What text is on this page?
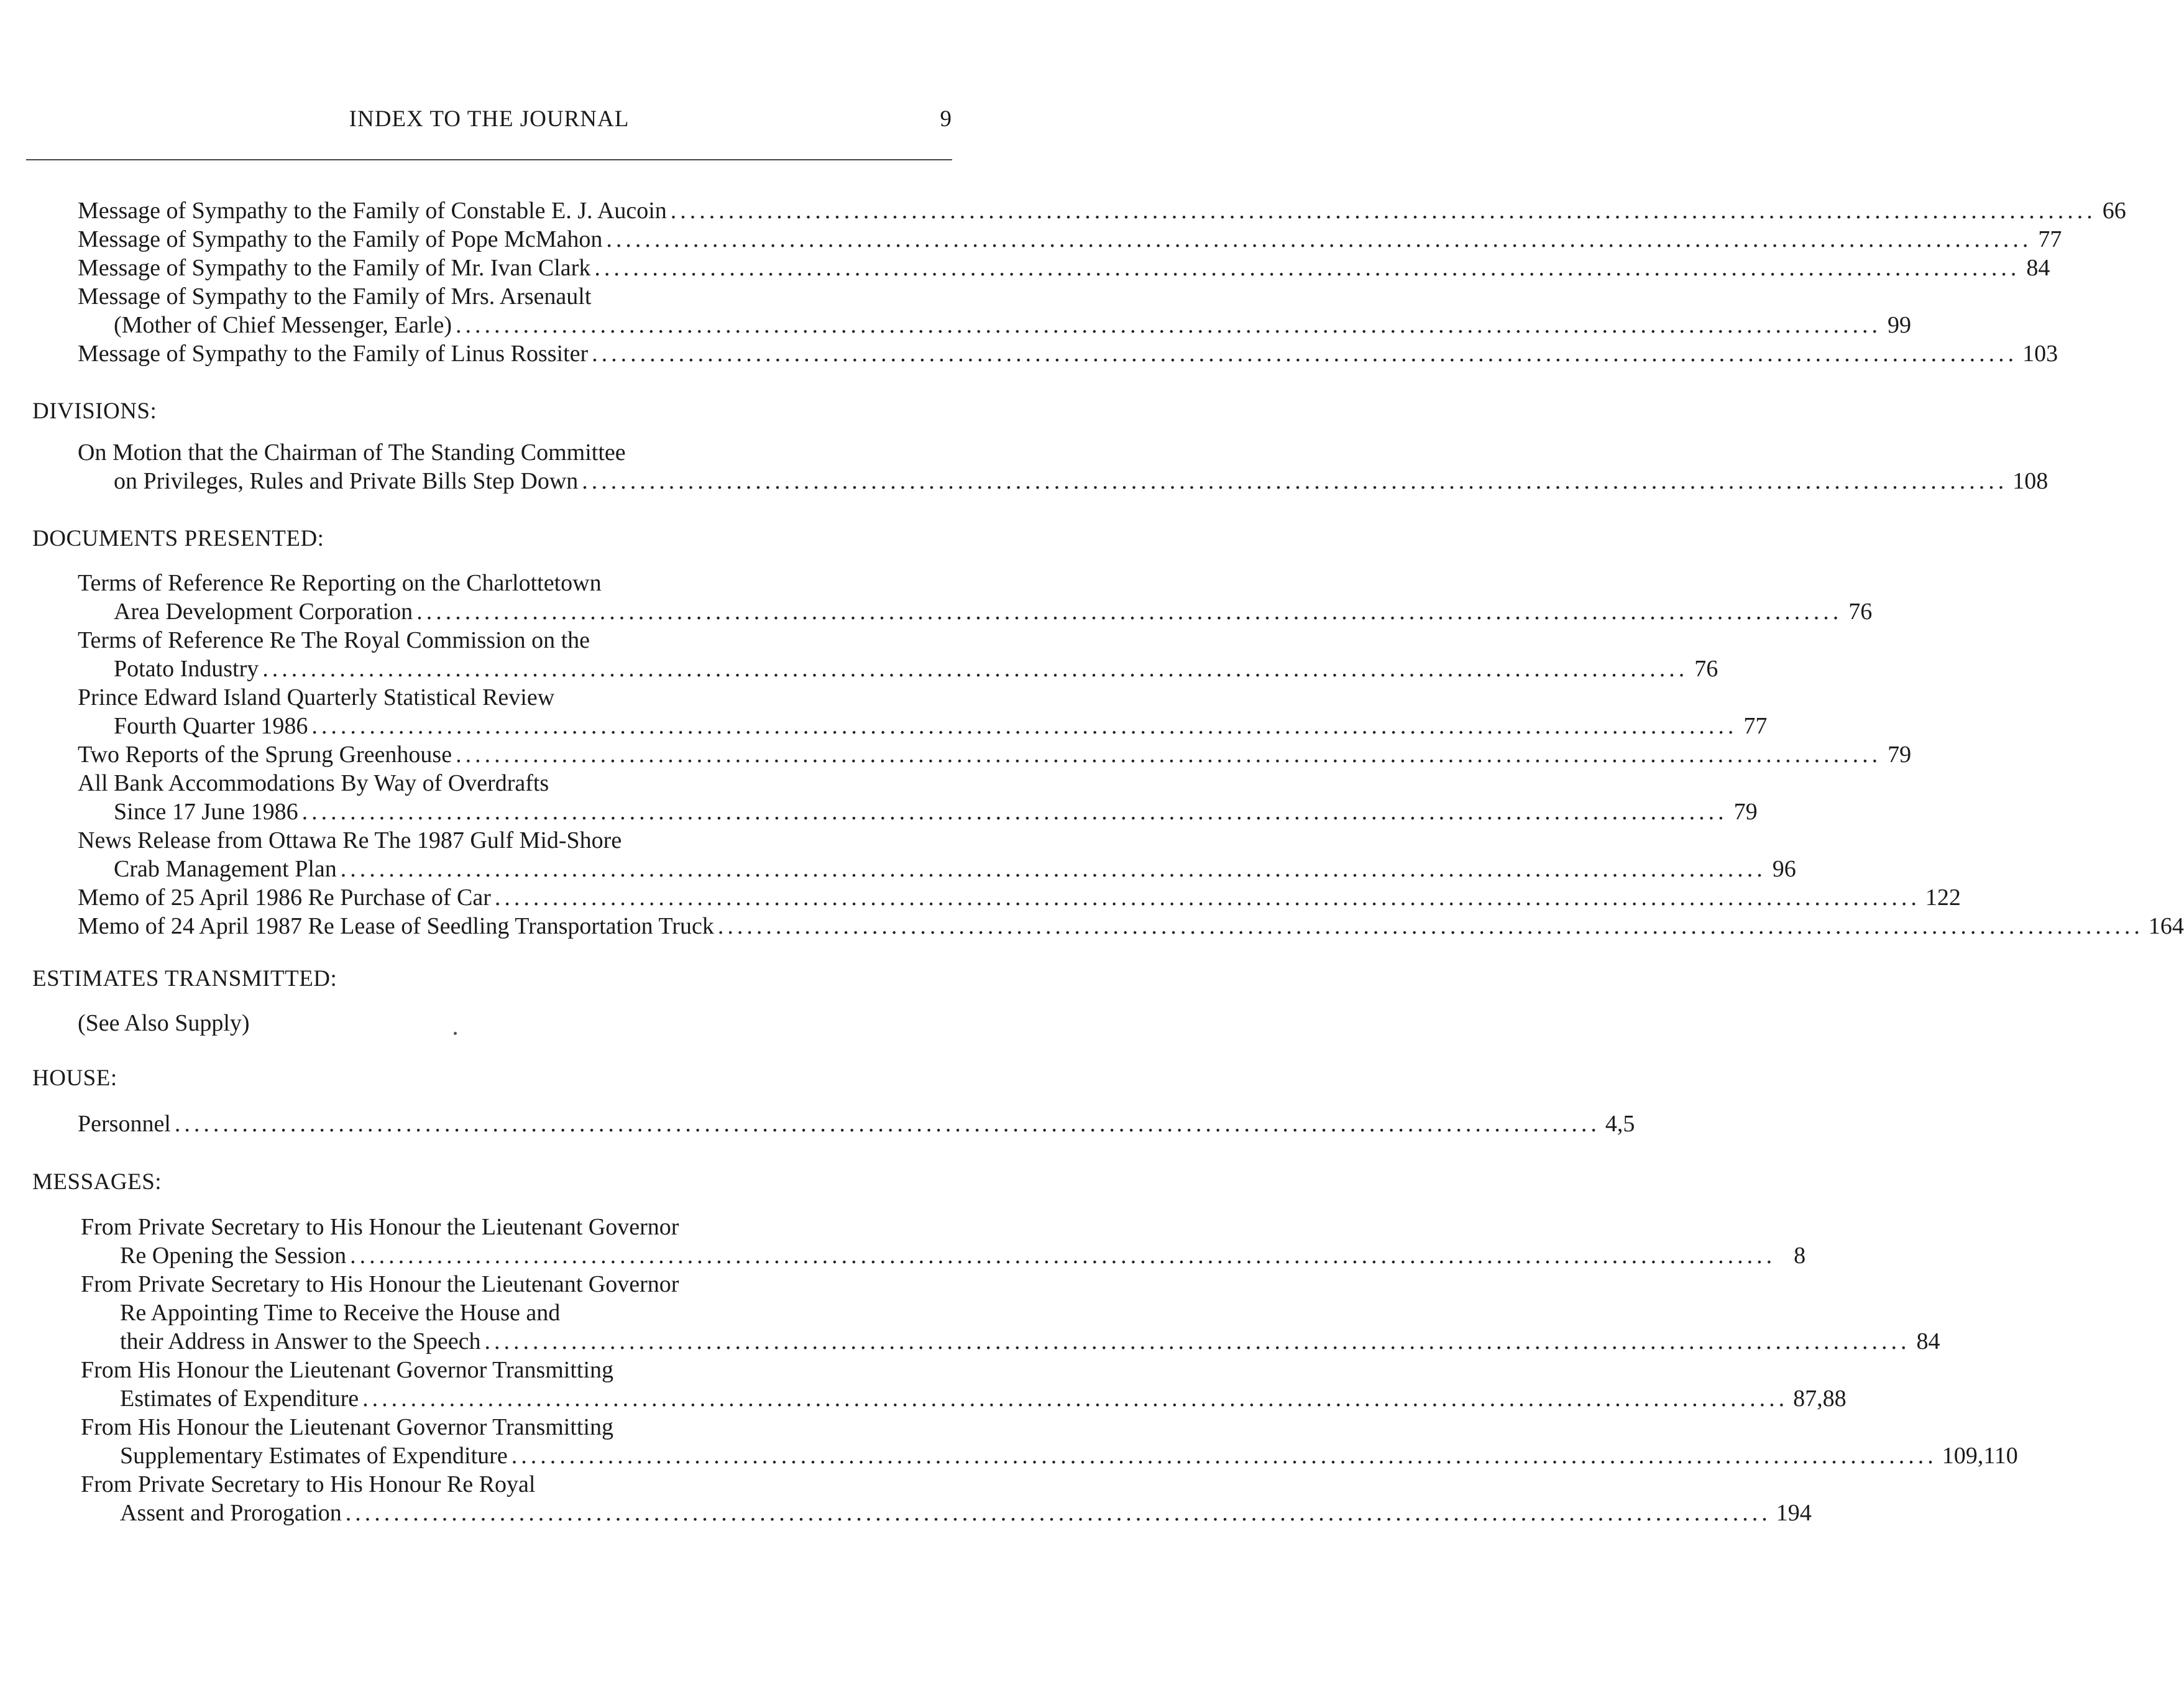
INDEX TO THE JOURNAL	9
Message of Sympathy to the Family of Constable E. J. Aucoin .................................................................................................................................................... 66
Message of Sympathy to the Family of Pope McMahon .................................................................................................................................................... 77
Message of Sympathy to the Family of Mr. Ivan Clark .................................................................................................................................................... 84
Message of Sympathy to the Family of Mrs. Arsenault
(Mother of Chief Messenger, Earle) .................................................................................................................................................... 99
Message of Sympathy to the Family of Linus Rossiter .................................................................................................................................................... 103
DIVISIONS:
On Motion that the Chairman of The Standing Committee
on Privileges, Rules and Private Bills Step Down .................................................................................................................................................... 108
DOCUMENTS PRESENTED:
Terms of Reference Re Reporting on the Charlottetown
Area Development Corporation .................................................................................................................................................... 76
Terms of Reference Re The Royal Commission on the
Potato Industry .................................................................................................................................................... 76
Prince Edward Island Quarterly Statistical Review
Fourth Quarter 1986 .................................................................................................................................................... 77
Two Reports of the Sprung Greenhouse .................................................................................................................................................... 79
All Bank Accommodations By Way of Overdrafts
Since 17 June 1986 .................................................................................................................................................... 79
News Release from Ottawa Re The 1987 Gulf Mid-Shore
Crab Management Plan .................................................................................................................................................... 96
Memo of 25 April 1986 Re Purchase of Car .................................................................................................................................................... 122
Memo of 24 April 1987 Re Lease of Seedling Transportation Truck .................................................................................................................................................... 164
ESTIMATES TRANSMITTED:
(See Also Supply)
HOUSE:
Personnel .................................................................................................................................................... 4,5
MESSAGES:
From Private Secretary to His Honour the Lieutenant Governor
Re Opening the Session .................................................................................................................................................... 8
From Private Secretary to His Honour the Lieutenant Governor
Re Appointing Time to Receive the House and
their Address in Answer to the Speech .................................................................................................................................................... 84
From His Honour the Lieutenant Governor Transmitting
Estimates of Expenditure .................................................................................................................................................... 87,88
From His Honour the Lieutenant Governor Transmitting
Supplementary Estimates of Expenditure .................................................................................................................................................... 109,110
From Private Secretary to His Honour Re Royal
Assent and Prorogation .................................................................................................................................................... 194
